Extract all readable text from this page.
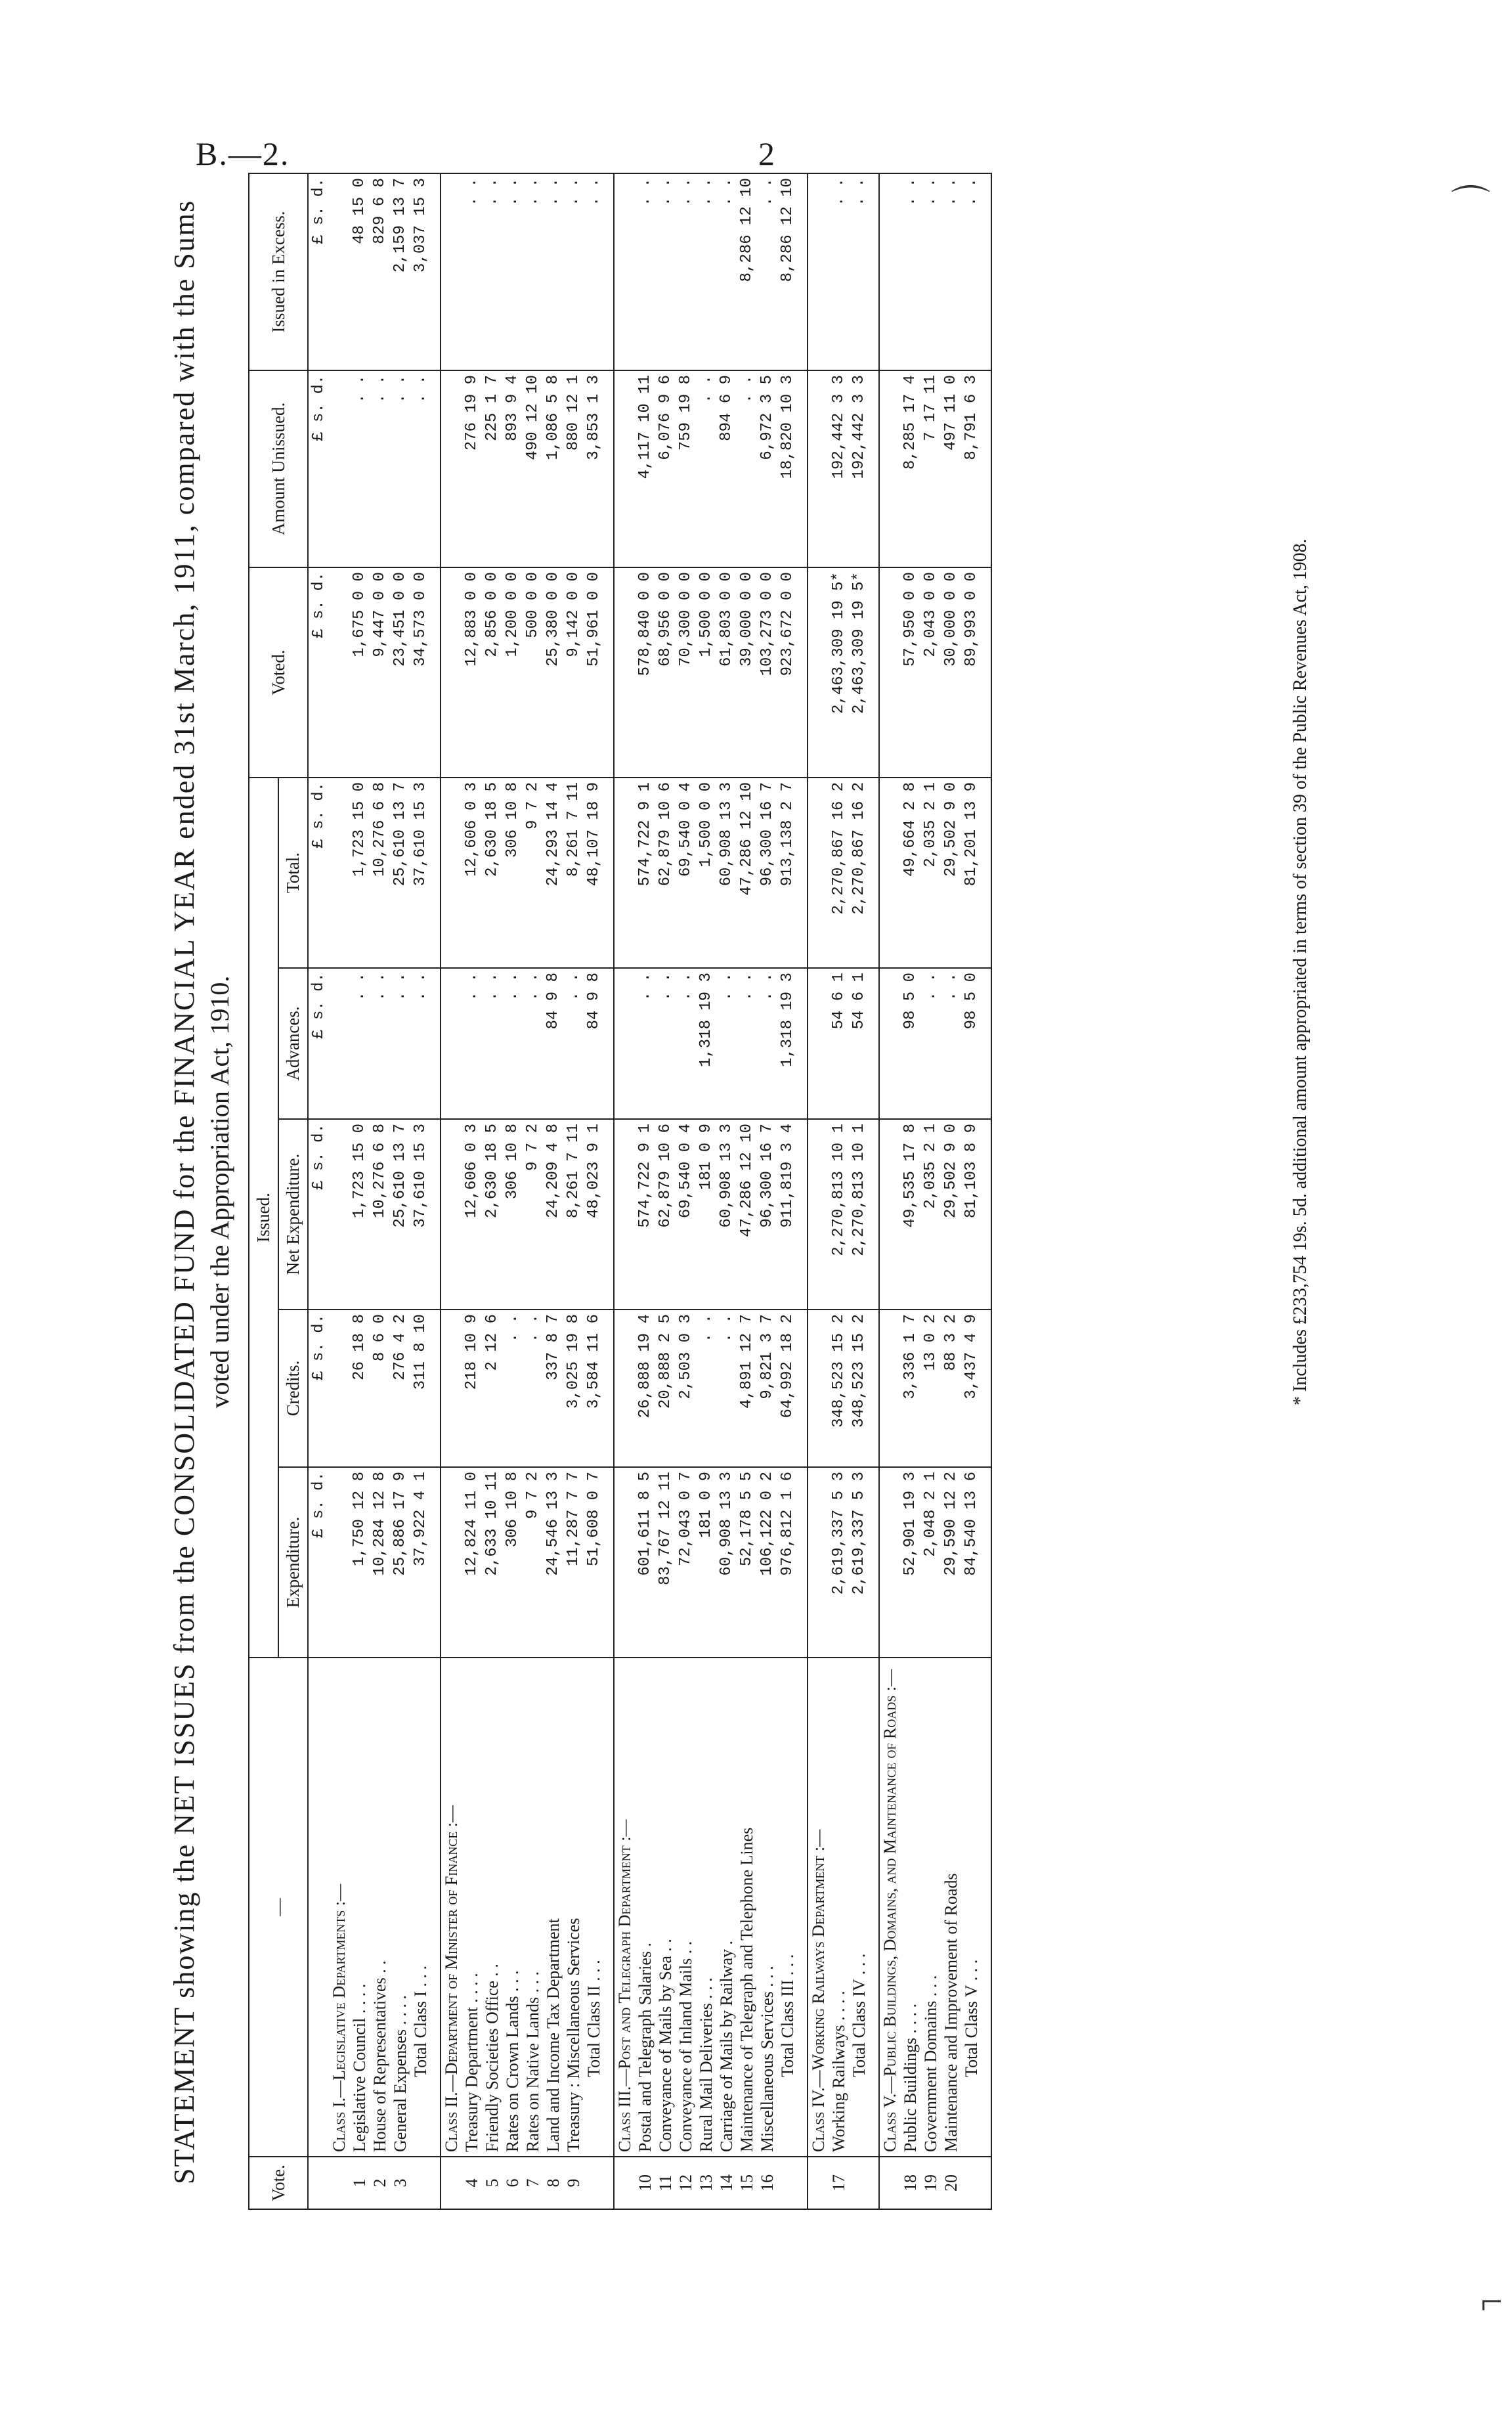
B.—2.	2
⌒
⌐

STATEMENT showing the NET ISSUES from the CONSOLIDATED FUND for the FINANCIAL YEAR ended 31st March, 1911, compared with the Sums voted under the Appropriation Act, 1910.

Vote.	—	Issued.					Voted.	Amount Unissued.	Issued in Excess.
		Expenditure.	Credits.	Net Expenditure.	Advances.	Total.			
		£ s. d.	£ s. d.	£ s. d.	£ s. d.	£ s. d.	£ s. d.	£ s. d.	£ s. d.
	Class I.—Legislative Departments :—								
1	Legislative Council . . . .	1,750 12 8	26 18 8	1,723 15 0	. .	1,723 15 0	1,675 0 0	. .	48 15 0
2	House of Representatives . .	10,284 12 8	8 6 0	10,276 6 8	. .	10,276 6 8	9,447 0 0	. .	829 6 8
3	General Expenses . . . .	25,886 17 9	276 4 2	25,610 13 7	. .	25,610 13 7	23,451 0 0	. .	2,159 13 7
	Total Class I . . .	37,922 4 1	311 8 10	37,610 15 3	. .	37,610 15 3	34,573 0 0	. .	3,037 15 3
	Class II.—Department of Minister of Finance :—								
4	Treasury Department . . . .	12,824 11 0	218 10 9	12,606 0 3	. .	12,606 0 3	12,883 0 0	276 19 9	. .
5	Friendly Societies Office . .	2,633 10 11	2 12 6	2,630 18 5	. .	2,630 18 5	2,856 0 0	225 1 7	. .
6	Rates on Crown Lands . . .	306 10 8	. .	306 10 8	. .	306 10 8	1,200 0 0	893 9 4	. .
7	Rates on Native Lands . . .	9 7 2	. .	9 7 2	. .	9 7 2	500 0 0	490 12 10	. .
8	Land and Income Tax Department	24,546 13 3	337 8 7	24,209 4 8	84 9 8	24,293 14 4	25,380 0 0	1,086 5 8	. .
9	Treasury : Miscellaneous Services	11,287 7 7	3,025 19 8	8,261 7 11	. .	8,261 7 11	9,142 0 0	880 12 1	. .
	Total Class II . . .	51,608 0 7	3,584 11 6	48,023 9 1	84 9 8	48,107 18 9	51,961 0 0	3,853 1 3	. .
	Class III.—Post and Telegraph Department :—								
10	Postal and Telegraph Salaries .	601,611 8 5	26,888 19 4	574,722 9 1	. .	574,722 9 1	578,840 0 0	4,117 10 11	. .
11	Conveyance of Mails by Sea . .	83,767 12 11	20,888 2 5	62,879 10 6	. .	62,879 10 6	68,956 0 0	6,076 9 6	. .
12	Conveyance of Inland Mails . .	72,043 0 7	2,503 0 3	69,540 0 4	. .	69,540 0 4	70,300 0 0	759 19 8	. .
13	Rural Mail Deliveries . . .	181 0 9	. .	181 0 9	1,318 19 3	1,500 0 0	1,500 0 0	. .	. .
14	Carriage of Mails by Railway .	60,908 13 3	. .	60,908 13 3	. .	60,908 13 3	61,803 0 0	894 6 9	. .
15	Maintenance of Telegraph and Telephone Lines	52,178 5 5	4,891 12 7	47,286 12 10	. .	47,286 12 10	39,000 0 0	. .	8,286 12 10
16	Miscellaneous Services . . .	106,122 0 2	9,821 3 7	96,300 16 7	. .	96,300 16 7	103,273 0 0	6,972 3 5	. .
	Total Class III . . .	976,812 1 6	64,992 18 2	911,819 3 4	1,318 19 3	913,138 2 7	923,672 0 0	18,820 10 3	8,286 12 10
	Class IV.—Working Railways Department :—								
17	Working Railways . . . .	2,619,337 5 3	348,523 15 2	2,270,813 10 1	54 6 1	2,270,867 16 2	2,463,309 19 5*	192,442 3 3	. .
	Total Class IV . . .	2,619,337 5 3	348,523 15 2	2,270,813 10 1	54 6 1	2,270,867 16 2	2,463,309 19 5*	192,442 3 3	. .
	Class V.—Public Buildings, Domains, and Maintenance of Roads :—								
18	Public Buildings . . . .	52,901 19 3	3,336 1 7	49,535 17 8	98 5 0	49,664 2 8	57,950 0 0	8,285 17 4	. .
19	Government Domains . . .	2,048 2 1	13 0 2	2,035 2 1	. .	2,035 2 1	2,043 0 0	7 17 11	. .
20	Maintenance and Improvement of Roads	29,590 12 2	88 3 2	29,502 9 0	. .	29,502 9 0	30,000 0 0	497 11 0	. .
	Total Class V . . .	84,540 13 6	3,437 4 9	81,103 8 9	98 5 0	81,201 13 9	89,993 0 0	8,791 6 3	. .
* Includes £233,754 19s. 5d. additional amount appropriated in terms of section 39 of the Public Revenues Act, 1908.
